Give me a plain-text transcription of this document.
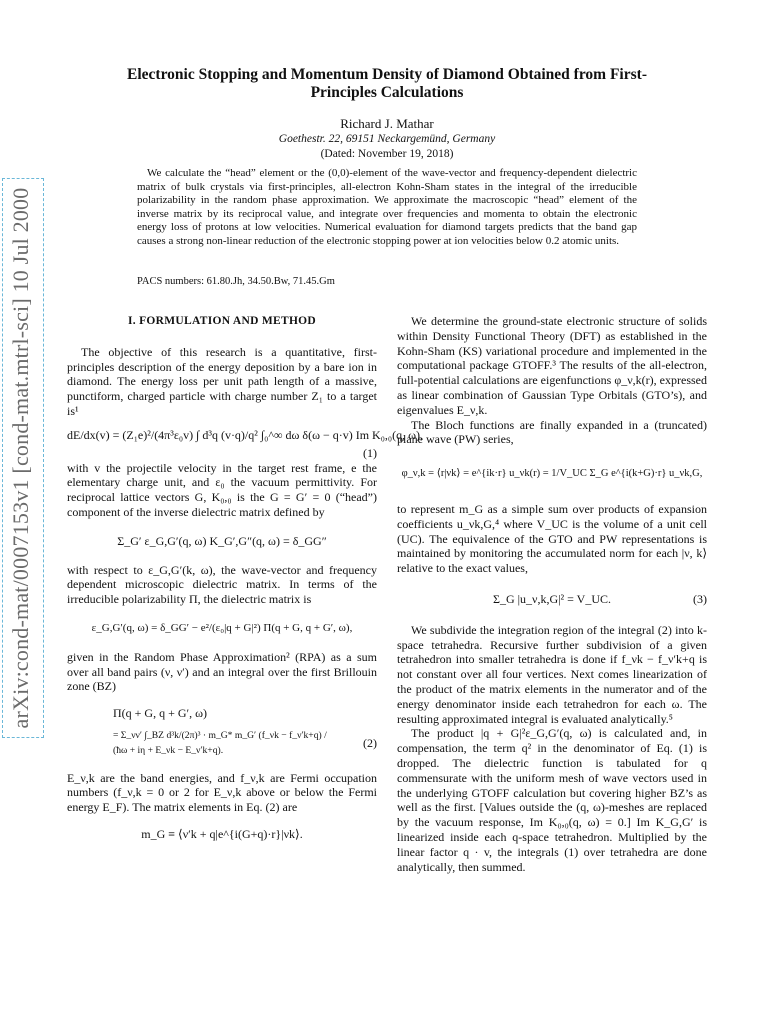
arXiv:cond-mat/0007153v1 [cond-mat.mtrl-sci] 10 Jul 2000
Electronic Stopping and Momentum Density of Diamond Obtained from First-Principles Calculations
Richard J. Mathar
Goethestr. 22, 69151 Neckargemünd, Germany
(Dated: November 19, 2018)
We calculate the “head” element or the (0,0)-element of the wave-vector and frequency-dependent dielectric matrix of bulk crystals via first-principles, all-electron Kohn-Sham states in the integral of the irreducible polarizability in the random phase approximation. We approximate the macroscopic “head” element of the inverse matrix by its reciprocal value, and integrate over frequencies and momenta to obtain the electronic energy loss of protons at low velocities. Numerical evaluation for diamond targets predicts that the band gap causes a strong non-linear reduction of the electronic stopping power at ion velocities below 0.2 atomic units.
PACS numbers: 61.80.Jh, 34.50.Bw, 71.45.Gm
I. FORMULATION AND METHOD

The objective of this research is a quantitative, first-principles description of the energy deposition by a bare ion in diamond. The energy loss per unit path length of a massive, punctiform, charged particle with charge number Z₁ to a target is¹

dE/dx(v) = (Z₁e)²/(4π³ε₀v) ∫ d³q (v·q)/q² ∫₀^∞ dω δ(ω − q·v) Im K₀,₀(q, ω),
(1)

with v the projectile velocity in the target rest frame, e the elementary charge unit, and ε₀ the vacuum permittivity. For reciprocal lattice vectors G, K₀,₀ is the G = G′ = 0 (“head”) component of the inverse dielectric matrix defined by

Σ_G′ ε_G,G′(q, ω) K_G′,G″(q, ω) = δ_GG″

with respect to ε_G,G′(k, ω), the wave-vector and frequency dependent microscopic dielectric matrix. In terms of the irreducible polarizability Π, the dielectric matrix is

ε_G,G′(q, ω) = δ_GG′ − e²/(ε₀|q + G|²) Π(q + G, q + G′, ω),

given in the Random Phase Approximation² (RPA) as a sum over all band pairs (ν, ν′) and an integral over the first Brillouin zone (BZ)

Π(q + G, q + G′, ω)
= Σ_νν′ ∫_BZ d³k/(2π)³ · m_G* m_G′ (f_νk − f_ν′k+q) / (ħω + iη + E_νk − E_ν′k+q).
(2)

E_ν,k are the band energies, and f_ν,k are Fermi occupation numbers (f_ν,k = 0 or 2 for E_ν,k above or below the Fermi energy E_F). The matrix elements in Eq. (2) are

m_G ≡ ⟨ν′k + q|e^{i(G+q)·r}|νk⟩.

We determine the ground-state electronic structure of solids within Density Functional Theory (DFT) as established in the Kohn-Sham (KS) variational procedure and implemented in the computational package GTOFF.³ The results of the all-electron, full-potential calculations are eigenfunctions φ_ν,k(r), expressed as linear combination of Gaussian Type Orbitals (GTO’s), and eigenvalues E_ν,k.

The Bloch functions are finally expanded in a (truncated) plane wave (PW) series,

φ_ν,k = ⟨r|νk⟩ = e^{ik·r} u_νk(r) = 1/V_UC Σ_G e^{i(k+G)·r} u_νk,G,

to represent m_G as a simple sum over products of expansion coefficients u_νk,G,⁴ where V_UC is the volume of a unit cell (UC). The equivalence of the GTO and PW representations is maintained by monitoring the accumulated norm for each |ν, k⟩ relative to the exact values,

Σ_G |u_ν,k,G|² = V_UC.	(3)

We subdivide the integration region of the integral (2) into k-space tetrahedra. Recursive further subdivision of a given tetrahedron into smaller tetrahedra is done if f_νk − f_ν′k+q is not constant over all four vertices. Next comes linearization of the product of the matrix elements in the numerator and of the energy denominator inside each tetrahedron for each ω. The resulting approximated integral is evaluated analytically.⁵

The product |q + G|²ε_G,G′(q, ω) is calculated and, in compensation, the term q² in the denominator of Eq. (1) is dropped. The dielectric function is tabulated for q commensurate with the uniform mesh of wave vectors used in the underlying GTOFF calculation but covering higher BZ’s as well as the first. [Values outside the (q, ω)-meshes are replaced by the vacuum response, Im K₀,₀(q, ω) = 0.] Im K_G,G′ is linearized inside each q-space tetrahedron. Multiplied by the linear factor q · v, the integrals (1) over tetrahedra are done analytically, then summed.
